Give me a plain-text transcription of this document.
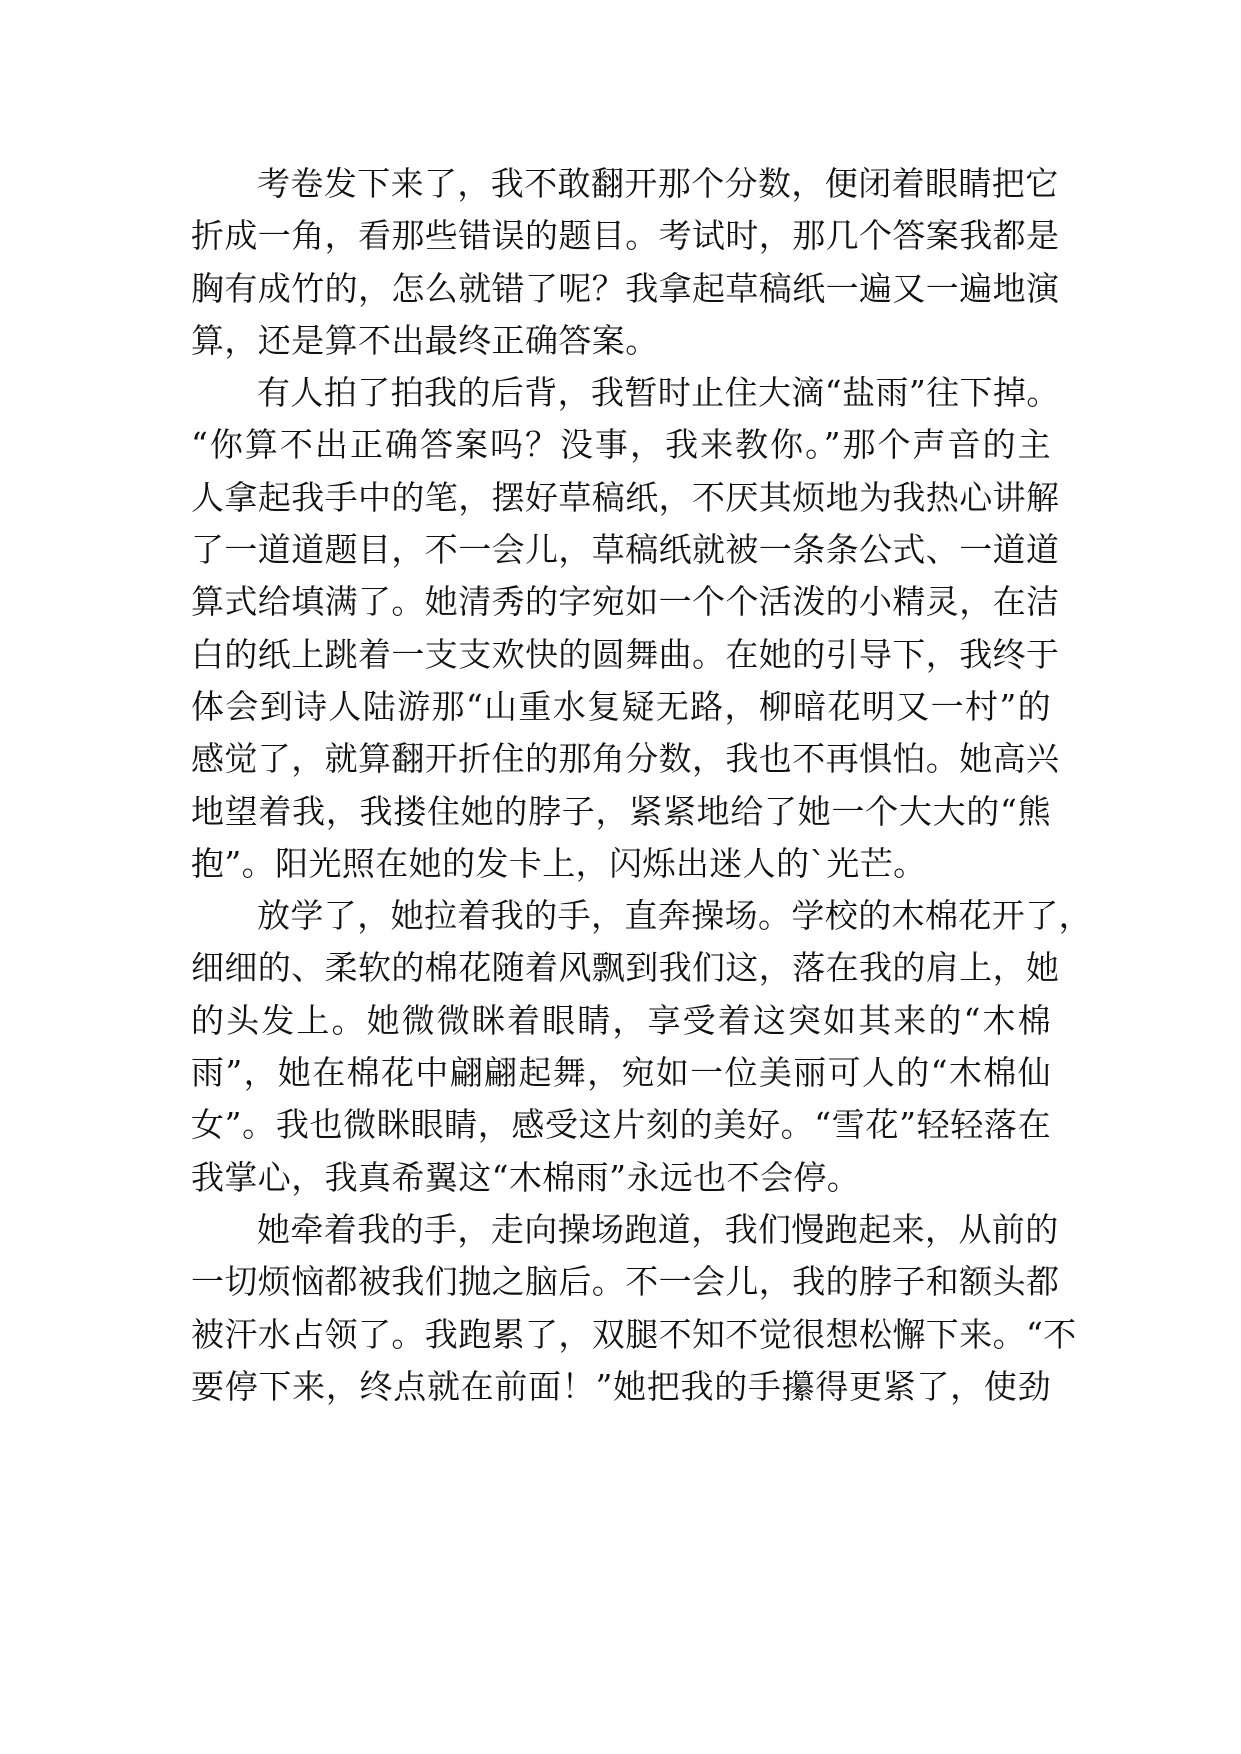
考卷发下来了，我不敢翻开那个分数，便闭着眼睛把它
折成一角，看那些错误的题目。考试时，那几个答案我都是
胸有成竹的，怎么就错了呢？我拿起草稿纸一遍又一遍地演
算，还是算不出最终正确答案。
有人拍了拍我的后背，我暂时止住大滴“盐雨”往下掉。
“你算不出正确答案吗？没事，我来教你。”那个声音的主
人拿起我手中的笔，摆好草稿纸，不厌其烦地为我热心讲解
了一道道题目，不一会儿，草稿纸就被一条条公式、一道道
算式给填满了。她清秀的字宛如一个个活泼的小精灵，在洁
白的纸上跳着一支支欢快的圆舞曲。在她的引导下，我终于
体会到诗人陆游那“山重水复疑无路，柳暗花明又一村”的
感觉了，就算翻开折住的那角分数，我也不再惧怕。她高兴
地望着我，我搂住她的脖子，紧紧地给了她一个大大的“熊
抱”。阳光照在她的发卡上，闪烁出迷人的`光芒。
放学了，她拉着我的手，直奔操场。学校的木棉花开了，
细细的、柔软的棉花随着风飘到我们这，落在我的肩上，她
的头发上。她微微眯着眼睛，享受着这突如其来的“木棉
雨”，她在棉花中翩翩起舞，宛如一位美丽可人的“木棉仙
女”。我也微眯眼睛，感受这片刻的美好。“雪花”轻轻落在
我掌心，我真希翼这“木棉雨”永远也不会停。
她牵着我的手，走向操场跑道，我们慢跑起来，从前的
一切烦恼都被我们抛之脑后。不一会儿，我的脖子和额头都
被汗水占领了。我跑累了，双腿不知不觉很想松懈下来。“不
要停下来，终点就在前面！”她把我的手攥得更紧了，使劲
